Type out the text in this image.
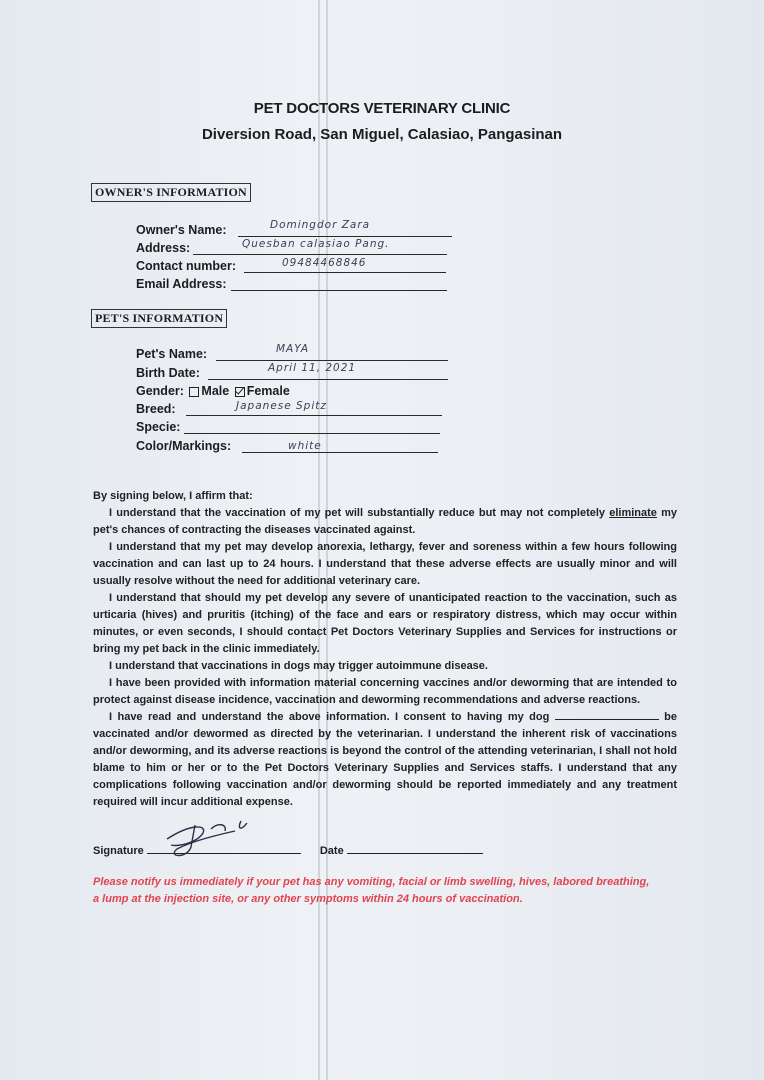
PET DOCTORS VETERINARY CLINIC
Diversion Road, San Miguel, Calasiao, Pangasinan
OWNER'S INFORMATION
Owner's Name:	Domingdor Zara
Address:	Quesban calasiao Pang.
Contact number:	09484468846
Email Address:
PET'S INFORMATION
Pet's Name:	MAYA
Birth Date:	April 11, 2021
Gender: Male Female
Breed:	Japanese Spitz
Specie:
Color/Markings:	white

By signing below, I affirm that:

I understand that the vaccination of my pet will substantially reduce but may not completely eliminate my pet's chances of contracting the diseases vaccinated against.

I understand that my pet may develop anorexia, lethargy, fever and soreness within a few hours following vaccination and can last up to 24 hours. I understand that these adverse effects are usually minor and will usually resolve without the need for additional veterinary care.

I understand that should my pet develop any severe of unanticipated reaction to the vaccination, such as urticaria (hives) and pruritis (itching) of the face and ears or respiratory distress, which may occur within minutes, or even seconds, I should contact Pet Doctors Veterinary Supplies and Services for instructions or bring my pet back in the clinic immediately.

I understand that vaccinations in dogs may trigger autoimmune disease.

I have been provided with information material concerning vaccines and/or deworming that are intended to protect against disease incidence, vaccination and deworming recommendations and adverse reactions.

I have read and understand the above information. I consent to having my dog	be vaccinated and/or dewormed as directed by the veterinarian. I understand the inherent risk of vaccinations and/or deworming, and its adverse reactions is beyond the control of the attending veterinarian, I shall not hold blame to him or her or to the Pet Doctors Veterinary Supplies and Services staffs. I understand that any complications following vaccination and/or deworming should be reported immediately and any treatment required will incur additional expense.

Signature	Date
Please notify us immediately if your pet has any vomiting, facial or limb swelling, hives, labored breathing, a lump at the injection site, or any other symptoms within 24 hours of vaccination.
